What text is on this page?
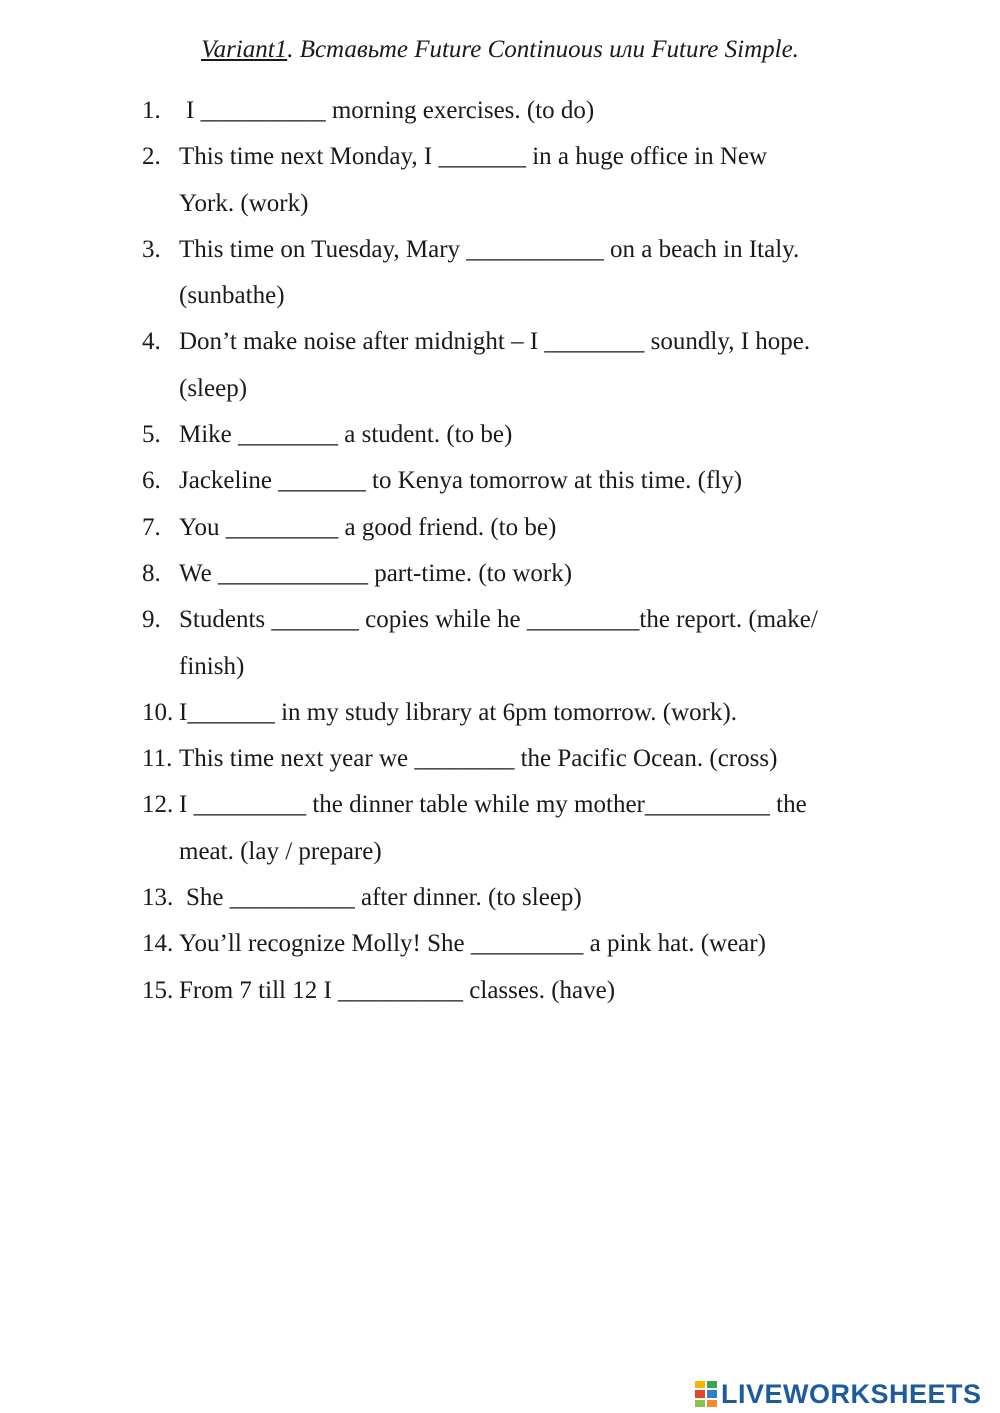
Variant1. Вставьте Future Continuous или Future Simple.
1.	I __________ morning exercises. (to do)
2. This time next Monday, I _______ in a huge office in New
York. (work)
3. This time on Tuesday, Mary ___________ on a beach in Italy.
(sunbathe)
4. Don’t make noise after midnight – I ________ soundly, I hope.
(sleep)
5. Mike ________ a student. (to be)
6. Jackeline _______ to Kenya tomorrow at this time. (fly)
7. You _________ a good friend. (to be)
8. We ____________ part-time. (to work)
9. Students _______ copies while he _________the report. (make/
finish)
10. I_______ in my study library at 6pm tomorrow. (work).
11. This time next year we ________ the Pacific Ocean. (cross)
12. I _________ the dinner table while my mother__________ the
meat. (lay / prepare)
13. She __________ after dinner. (to sleep)
14. You’ll recognize Molly! She _________ a pink hat. (wear)
15. From 7 till 12 I __________ classes. (have)
LIVEWORKSHEETS
